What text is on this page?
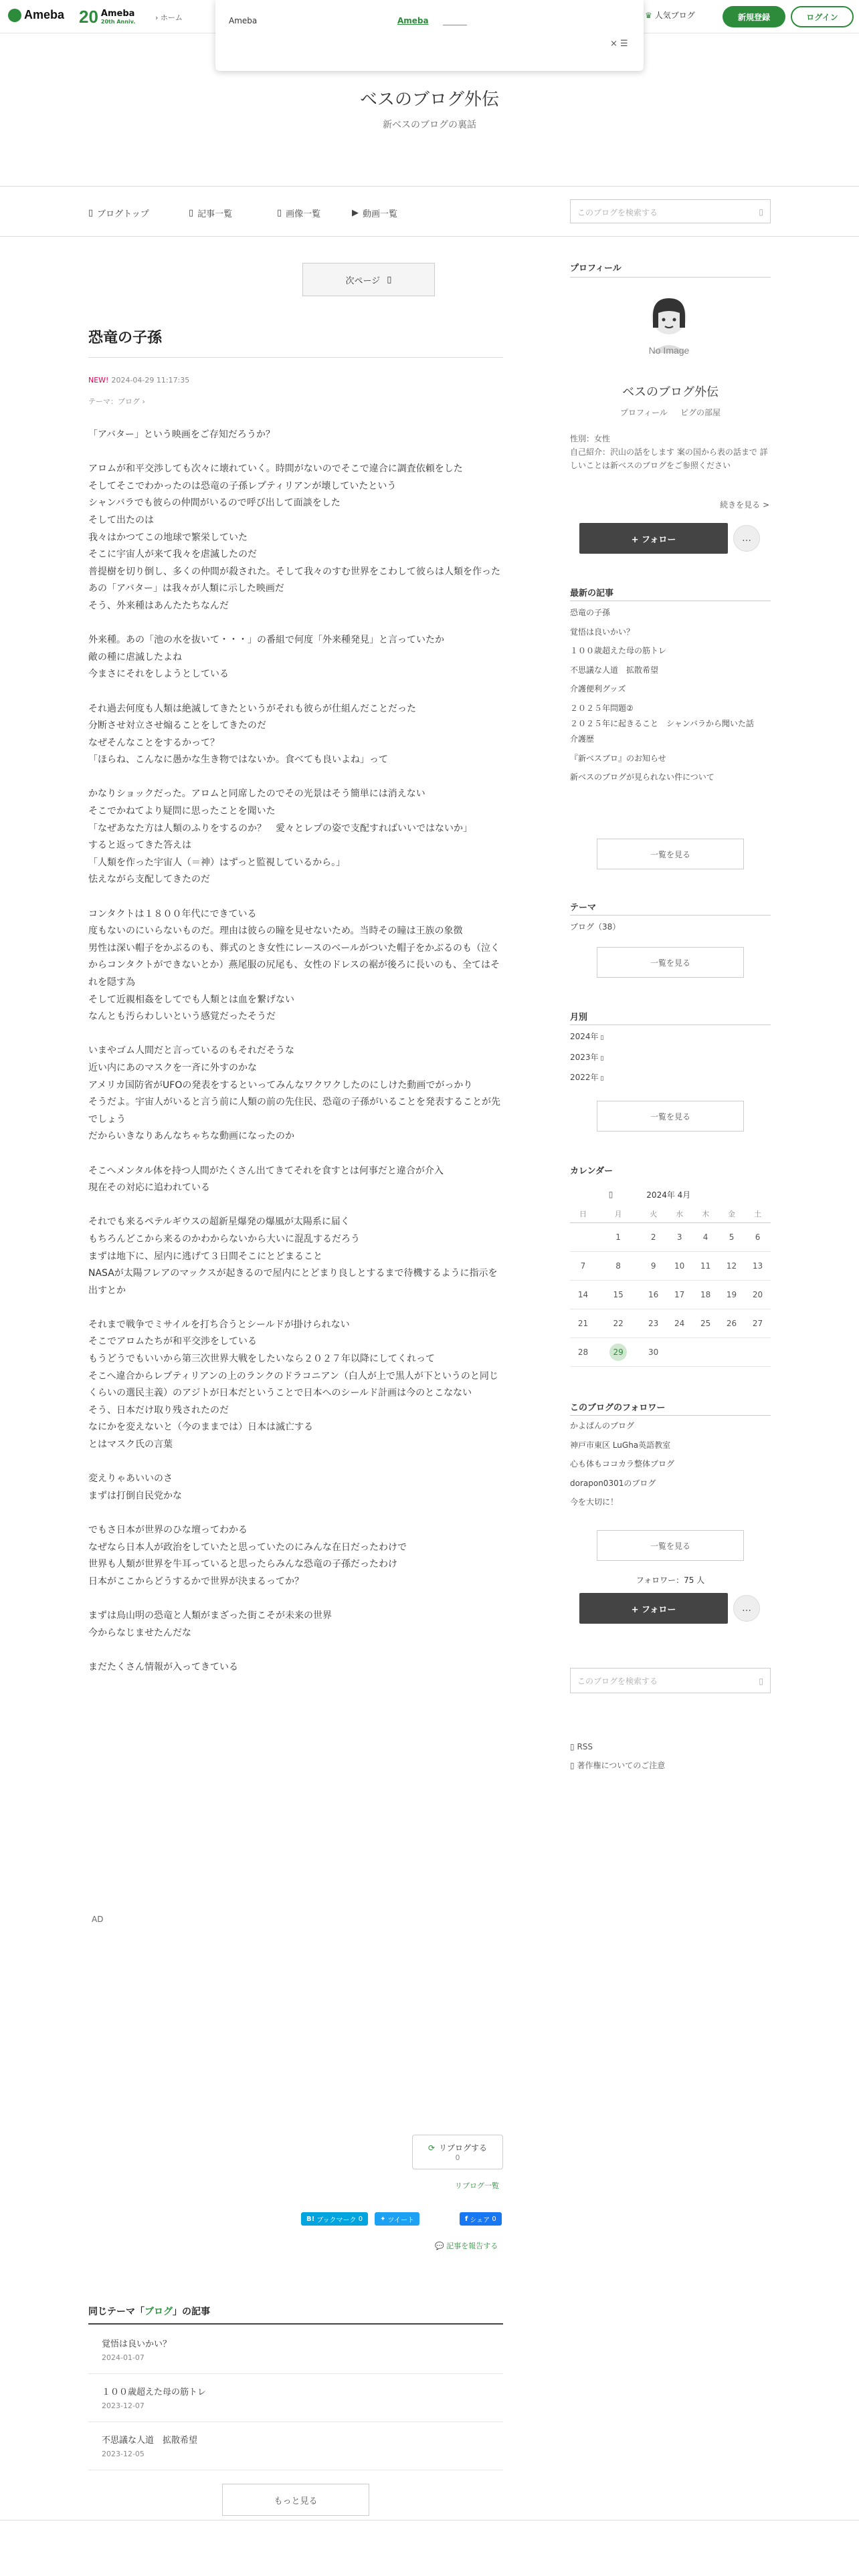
Ameba 20 Ameba
20th Anniv.	› ホーム	♛ 人気ブログ	新規登録	ログイン
Ameba	Ameba
× ☰
ベスのブログ外伝
新ベスのブログの裏話
▯ ブログトップ	▯ 記事一覧	▯ 画像一覧	▶ 動画一覧	このブログを検索する	▯
次ページ ▯
恐竜の子孫
NEW! 2024-04-29 11:17:35
テーマ：ブログ ›

「アバター」という映画をご存知だろうか？

アロムが和平交渉しても次々に壊れていく。時間がないのでそこで違合に調査依頼をした

そしてそこでわかったのは恐竜の子孫レプティリアンが壊していたという

シャンバラでも彼らの仲間がいるので呼び出して面談をした

そして出たのは

我々はかつてこの地球で繁栄していた

そこに宇宙人が来て我々を虐滅したのだ

普提樹を切り倒し、多くの仲間が殺された。そして我々のすむ世界をこわして彼らは人類を作った

あの「アバター」は我々が人類に示した映画だ

そう、外来種はあんたたちなんだ

外来種。あの「池の水を抜いて・・・」の番組で何度「外来種発見」と言っていたか

敵の種に虐滅したよね

今まさにそれをしようとしている

それ過去何度も人類は絶滅してきたというがそれも彼らが仕組んだことだった

分断させ対立させ煽ることをしてきたのだ

なぜそんなことをするかって？

「ほらね、こんなに愚かな生き物ではないか。食べても良いよね」って

かなりショックだった。アロムと同席したのでその光景はそう簡単には消えない

そこでかねてより疑問に思ったことを聞いた

「なぜあなた方は人類のふりをするのか？　愛々とレプの姿で支配すればいいではないか」

すると返ってきた答えは

「人類を作った宇宙人（＝神）はずっと監視しているから。」

怯えながら支配してきたのだ

コンタクトは１８００年代にできている

度もないのにいらないものだ。理由は彼らの瞳を見せないため。当時その瞳は王族の象徴

男性は深い帽子をかぶるのも、葬式のとき女性にレースのベールがついた帽子をかぶるのも（泣くからコンタクトができないとか）燕尾服の尻尾も、女性のドレスの裾が後ろに長いのも、全てはそれを隠す為

そして近親相姦をしてでも人類とは血を繋げない

なんとも汚らわしいという感覚だったそうだ

いまやゴム人間だと言っているのもそれだそうな

近い内にあのマスクを一斉に外すのかな

アメリカ国防省がUFOの発表をするといってみんなワクワクしたのにしけた動画でがっかり

そうだよ。宇宙人がいると言う前に人類の前の先住民、恐竜の子孫がいることを発表することが先でしょう

だからいきなりあんなちゃちな動画になったのか

そこへメンタル体を持つ人間がたくさん出てきてそれを食すとは何事だと違合が介入

現在その対応に追われている

それでも来るペテルギウスの超新星爆発の爆風が太陽系に届く

もちろんどこから来るのかわからないから大いに混乱するだろう

まずは地下に、屋内に逃げて３日間そこにとどまること

NASAが太陽フレアのマックスが起きるので屋内にとどまり良しとするまで待機するように指示を出すとか

それまで戦争でミサイルを打ち合うとシールドが掛けられない

そこでアロムたちが和平交渉をしている

もうどうでもいいから第三次世界大戦をしたいなら２０２７年以降にしてくれって

そこへ違合からレプティリアンの上のランクのドラコニアン（白人が上で黒人が下というのと同じくらいの選民主義）のアジトが日本だということで日本へのシールド計画は今のとこなない

そう、日本だけ取り残されたのだ

なにかを変えないと（今のままでは）日本は滅亡する

とはマスク氏の言葉

変えりゃあいいのさ

まずは打倒自民党かな

でもさ日本が世界のひな壇ってわかる

なぜなら日本人が政治をしていたと思っていたのにみんな在日だったわけで

世界も人類が世界を牛耳っていると思ったらみんな恐竜の子孫だったわけ

日本がここからどうするかで世界が決まるってか？

まずは鳥山明の恐竜と人類がまざった街こそが未来の世界

今からなじませたんだな

まだたくさん情報が入ってきている

AD
⟳ リブログする
0
リブログ一覧
B! ブックマーク
0	✦ ツイート	f シェア
0
💬 記事を報告する
同じテーマ「ブログ」の記事
覚悟は良いかい？
2024-01-07
１００歳超えた母の筋トレ
2023-12-07
不思議な人道　拡散希望
2023-12-05
もっと見る
プロフィール
No Image
ベスのブログ外伝
プロフィール ピグの部屋
性別：女性
自己紹介：沢山の話をします 案の国から表の話まで 詳しいことは新ベスのブログをご参照ください
続きを見る >
+ フォロー	…
最新の記事
恐竜の子孫
覚悟は良いかい？
１００歳超えた母の筋トレ
不思議な人道　拡散希望
介護便利グッズ
２０２５年問題②
２０２５年に起きること　シャンバラから聞いた話
介護歴
『新ベスブロ』のお知らせ
新ベスのブログが見られない件について
一覧を見る
テーマ
ブログ（38）
一覧を見る
月別
2024年 ▯
2023年 ▯
2022年 ▯
一覧を見る
カレンダー
▯	2024年 4月
日	月	火	水	木	金	土
	1	2	3	4	5	6
7	8	9	10	11	12	13
14	15	16	17	18	19	20
21	22	23	24	25	26	27
28	29	30				
このブログのフォロワー
かよぱんのブログ
神戸市東区 LuGha英語教室
心も体もココカラ整体ブログ
dorapon0301のブログ
今を大切に！
一覧を見る
フォロワー：75 人
+ フォロー	…
このブログを検索する	▯
▯ RSS
▯ 著作権についてのご注意
